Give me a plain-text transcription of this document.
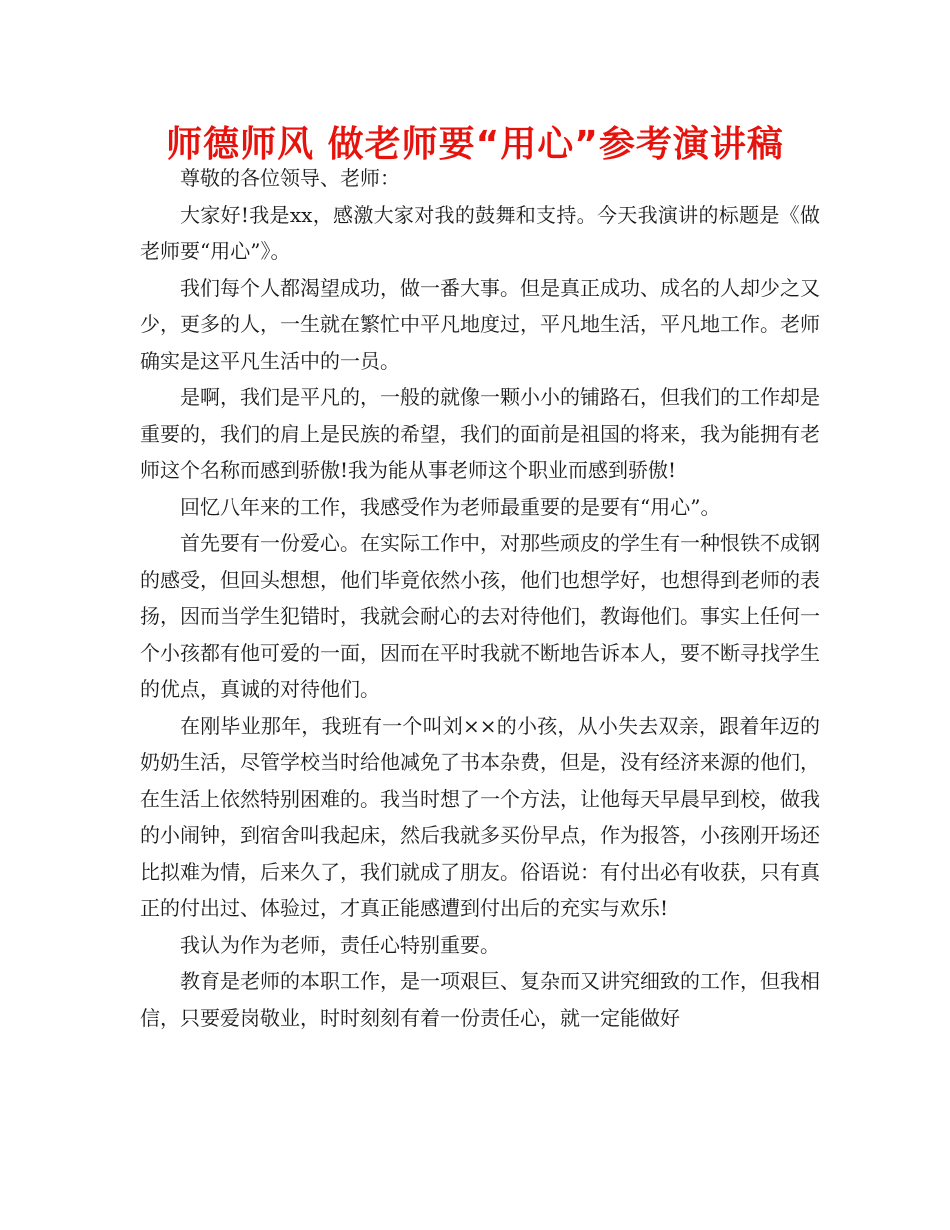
师德师风 做老师要“用心”参考演讲稿

尊敬的各位领导、老师：

大家好!我是xx，感激大家对我的鼓舞和支持。今天我演讲的标题是《做老师要“用心”》。

我们每个人都渴望成功，做一番大事。但是真正成功、成名的人却少之又少，更多的人，一生就在繁忙中平凡地度过，平凡地生活，平凡地工作。老师确实是这平凡生活中的一员。

是啊，我们是平凡的，一般的就像一颗小小的铺路石，但我们的工作却是重要的，我们的肩上是民族的希望，我们的面前是祖国的将来，我为能拥有老师这个名称而感到骄傲!我为能从事老师这个职业而感到骄傲!

回忆八年来的工作，我感受作为老师最重要的是要有“用心”。

首先要有一份爱心。在实际工作中，对那些顽皮的学生有一种恨铁不成钢的感受，但回头想想，他们毕竟依然小孩，他们也想学好，也想得到老师的表扬，因而当学生犯错时，我就会耐心的去对待他们，教诲他们。事实上任何一个小孩都有他可爱的一面，因而在平时我就不断地告诉本人，要不断寻找学生的优点，真诚的对待他们。

在刚毕业那年，我班有一个叫刘××的小孩，从小失去双亲，跟着年迈的奶奶生活，尽管学校当时给他减免了书本杂费，但是，没有经济来源的他们，在生活上依然特别困难的。我当时想了一个方法，让他每天早晨早到校，做我的小闹钟，到宿舍叫我起床，然后我就多买份早点，作为报答，小孩刚开场还比拟难为情，后来久了，我们就成了朋友。俗语说：有付出必有收获，只有真正的付出过、体验过，才真正能感遭到付出后的充实与欢乐!

我认为作为老师，责任心特别重要。

教育是老师的本职工作，是一项艰巨、复杂而又讲究细致的工作，但我相信，只要爱岗敬业，时时刻刻有着一份责任心，就一定能做好
